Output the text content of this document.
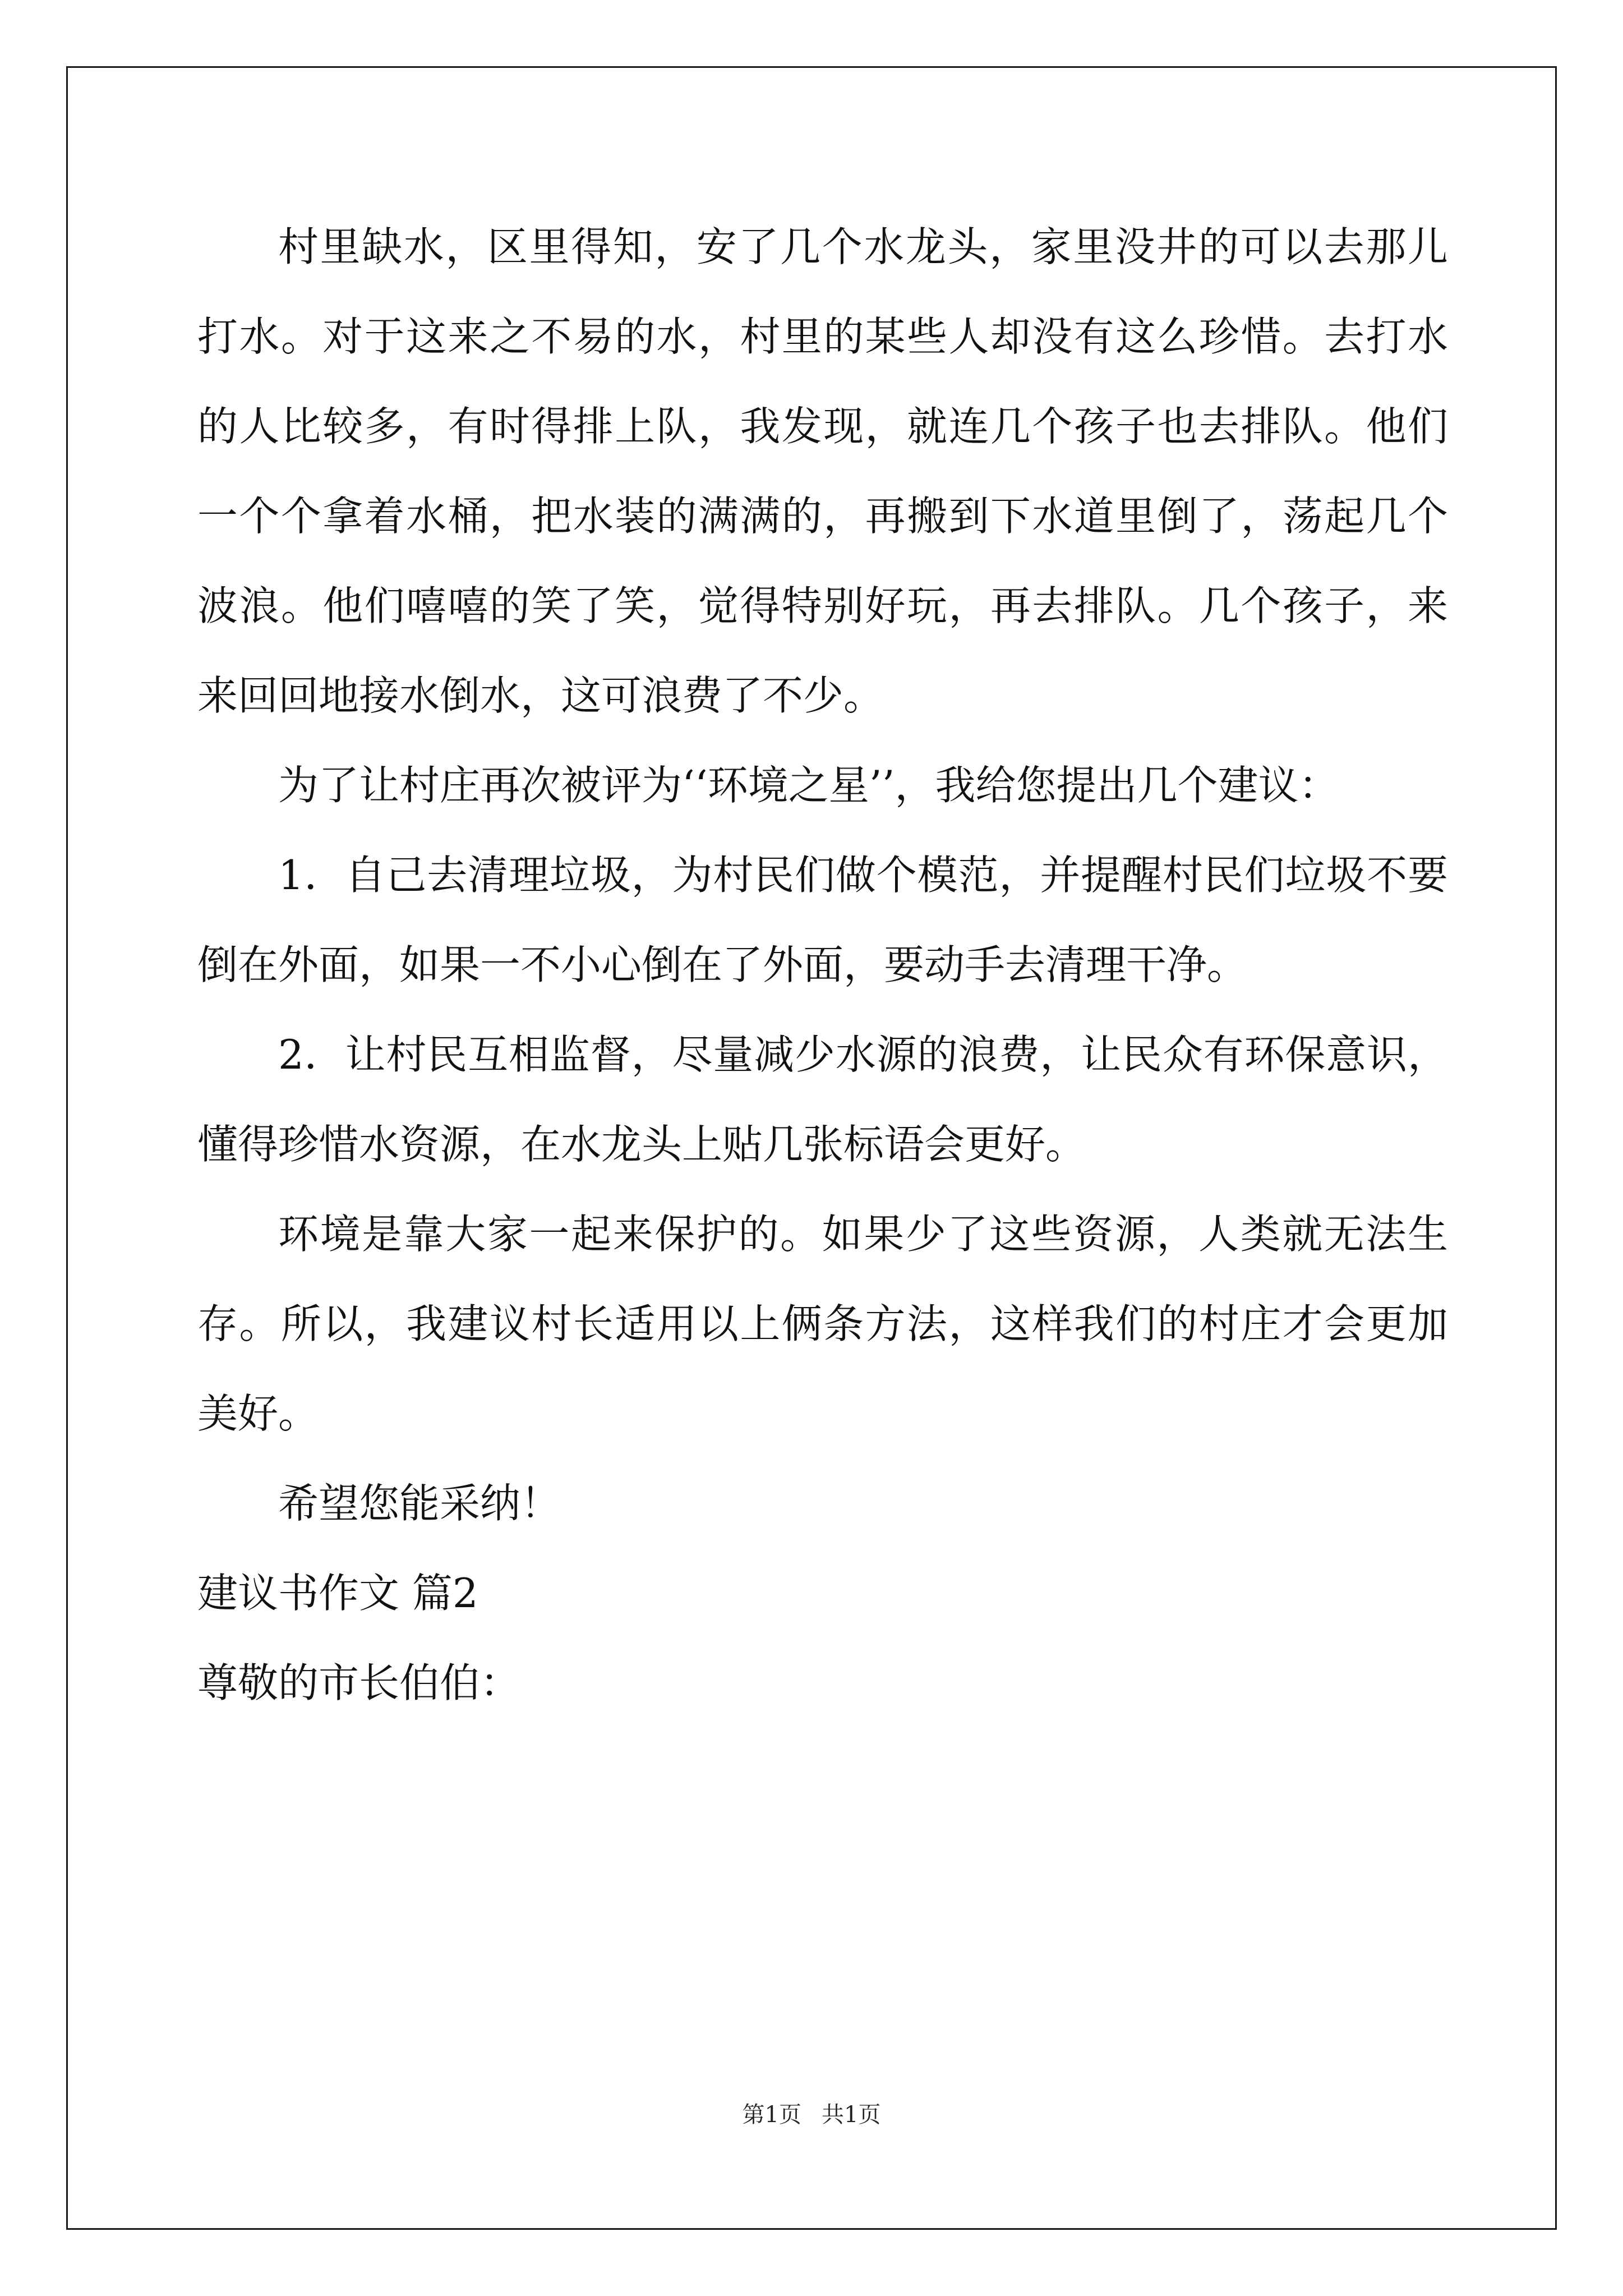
村里缺水，区里得知，安了几个水龙头，家里没井的可以去那儿打水。对于这来之不易的水，村里的某些人却没有这么珍惜。去打水的人比较多，有时得排上队，我发现，就连几个孩子也去排队。他们一个个拿着水桶，把水装的满满的，再搬到下水道里倒了，荡起几个波浪。他们嘻嘻的笑了笑，觉得特别好玩，再去排队。几个孩子，来来回回地接水倒水，这可浪费了不少。

为了让村庄再次被评为‘‘环境之星’’，我给您提出几个建议：

1．自己去清理垃圾，为村民们做个模范，并提醒村民们垃圾不要倒在外面，如果一不小心倒在了外面，要动手去清理干净。

2．让村民互相监督，尽量减少水源的浪费，让民众有环保意识，懂得珍惜水资源，在水龙头上贴几张标语会更好。

环境是靠大家一起来保护的。如果少了这些资源，人类就无法生存。所以，我建议村长适用以上俩条方法，这样我们的村庄才会更加美好。

希望您能采纳！

建议书作文 篇2

尊敬的市长伯伯：

第1页 共1页
